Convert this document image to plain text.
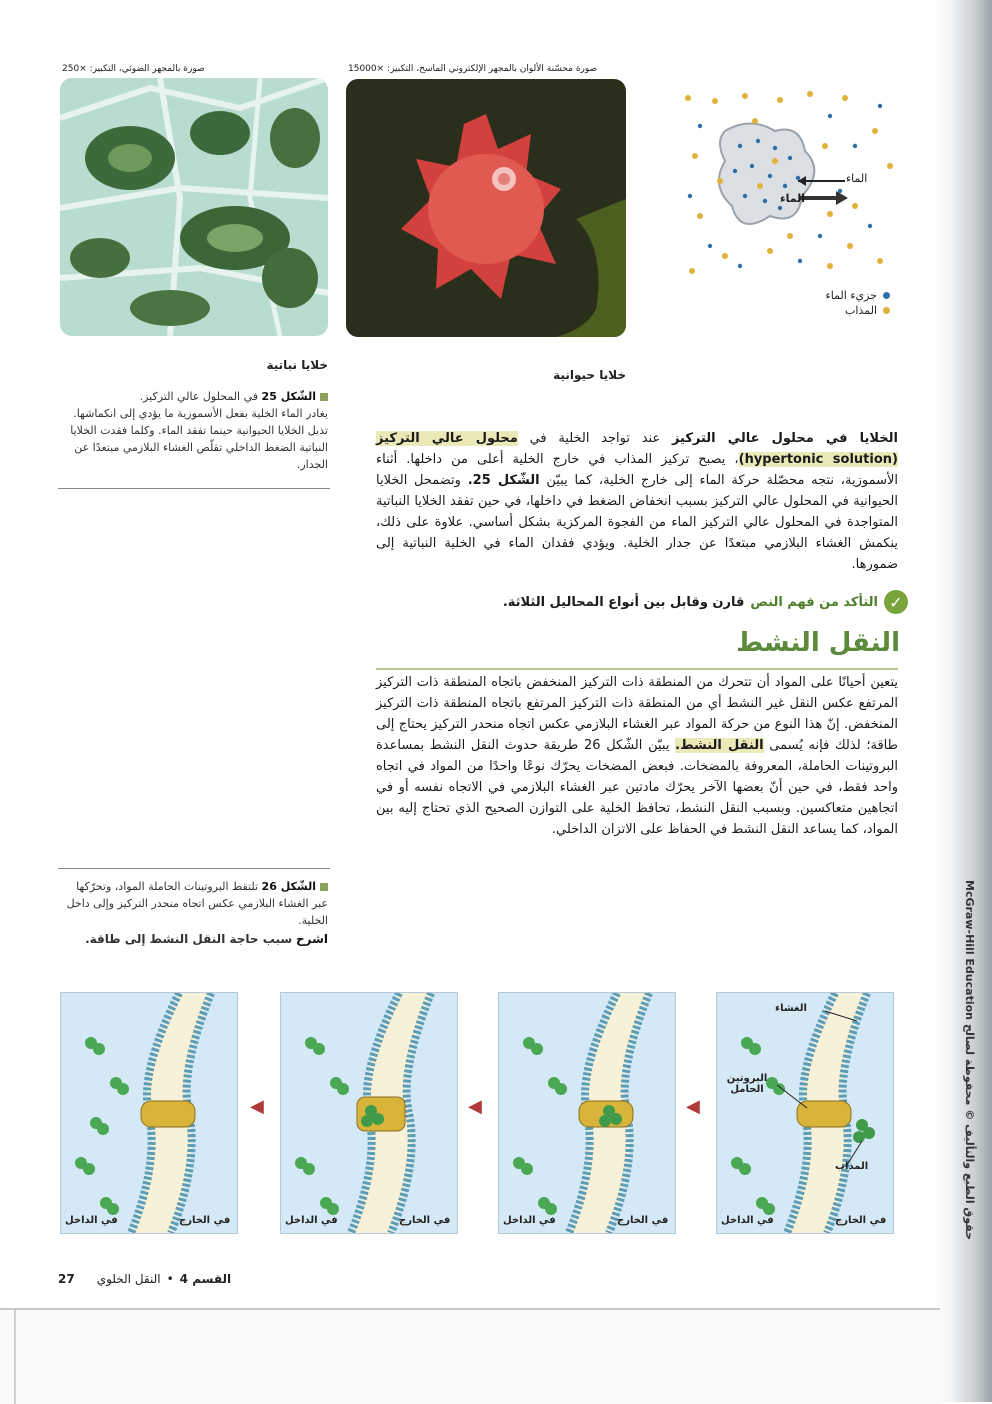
McGraw-Hill Education حقوق الطبع والتأليف © محفوظة لصالح
صورة بالمجهر الضوئي، التكبير: ×250	صورة محسّنة الألوان بالمجهر الإلكتروني الماسح، التكبير: ×15000
الماء
الماء
جزيء الماء
المذاب
خلايا نباتية
خلايا حيوانية
الشّكل 25 في المحلول عالي التركيز.
يغادر الماء الخلية بفعل الأسموزية ما يؤدي إلى انكماشها. تذبل الخلايا الحيوانية حينما تفقد الماء. وكلما فقدت الخلايا النباتية الضغط الداخلي تقلّص الغشاء البلازمي مبتعدًا عن الجدار.
الخلايا في محلول عالي التركيز عند تواجد الخلية في محلول عالي التركيز (hypertonic solution)، يصبح تركيز المذاب في خارج الخلية أعلى من داخلها. أثناء الأسموزية، نتجه محصّلة حركة الماء إلى خارج الخلية، كما يبيّن الشّكل 25. وتضمحل الخلايا الحيوانية في المحلول عالي التركيز بسبب انخفاض الضغط في داخلها، في حين تفقد الخلايا النباتية المتواجدة في المحلول عالي التركيز الماء من الفجوة المركزية بشكل أساسي. علاوة على ذلك، ينكمش الغشاء البلازمي مبتعدًا عن جدار الخلية. ويؤدي فقدان الماء في الخلية النباتية إلى ضمورها.
✓
التأكد من فهم النص
قارن وقابل بين أنواع المحاليل الثلاثة.
النقل النشط
يتعين أحيانًا على المواد أن تتحرك من المنطقة ذات التركيز المنخفض باتجاه المنطقة ذات التركيز المرتفع عكس النقل غير النشط أي من المنطقة ذات التركيز المرتفع باتجاه المنطقة ذات التركيز المنخفض. إنّ هذا النوع من حركة المواد عبر الغشاء البلازمي عكس اتجاه منحدر التركيز يحتاج إلى طاقة؛ لذلك فإنه يُسمى النقل النشط. يبيّن الشّكل 26 طريقة حدوث النقل النشط بمساعدة البروتينات الحاملة، المعروفة بالمضخات. فبعض المضخات يحرّك نوعًا واحدًا من المواد في اتجاه واحد فقط، في حين أنّ بعضها الآخر يحرّك مادتين عبر الغشاء البلازمي في الاتجاه نفسه أو في اتجاهين متعاكسين. وبسبب النقل النشط، تحافظ الخلية على التوازن الصحيح الذي تحتاج إليه بين المواد، كما يساعد النقل النشط في الحفاظ على الاتزان الداخلي.
الشّكل 26 تلتقط البروتينات الحاملة المواد، وتحرّكها عبر الغشاء البلازمي عكس اتجاه منحدر التركيز وإلى داخل الخلية.
اشرح سبب حاجة النقل النشط إلى طاقة.
الغشاء
البروتين الحامل
المذاب
في الداخل	في الخارج
◀
في الداخل	في الخارج
◀
في الداخل	في الخارج
◀
في الداخل	في الخارج
27 النقل الخلوي • القسم 4
